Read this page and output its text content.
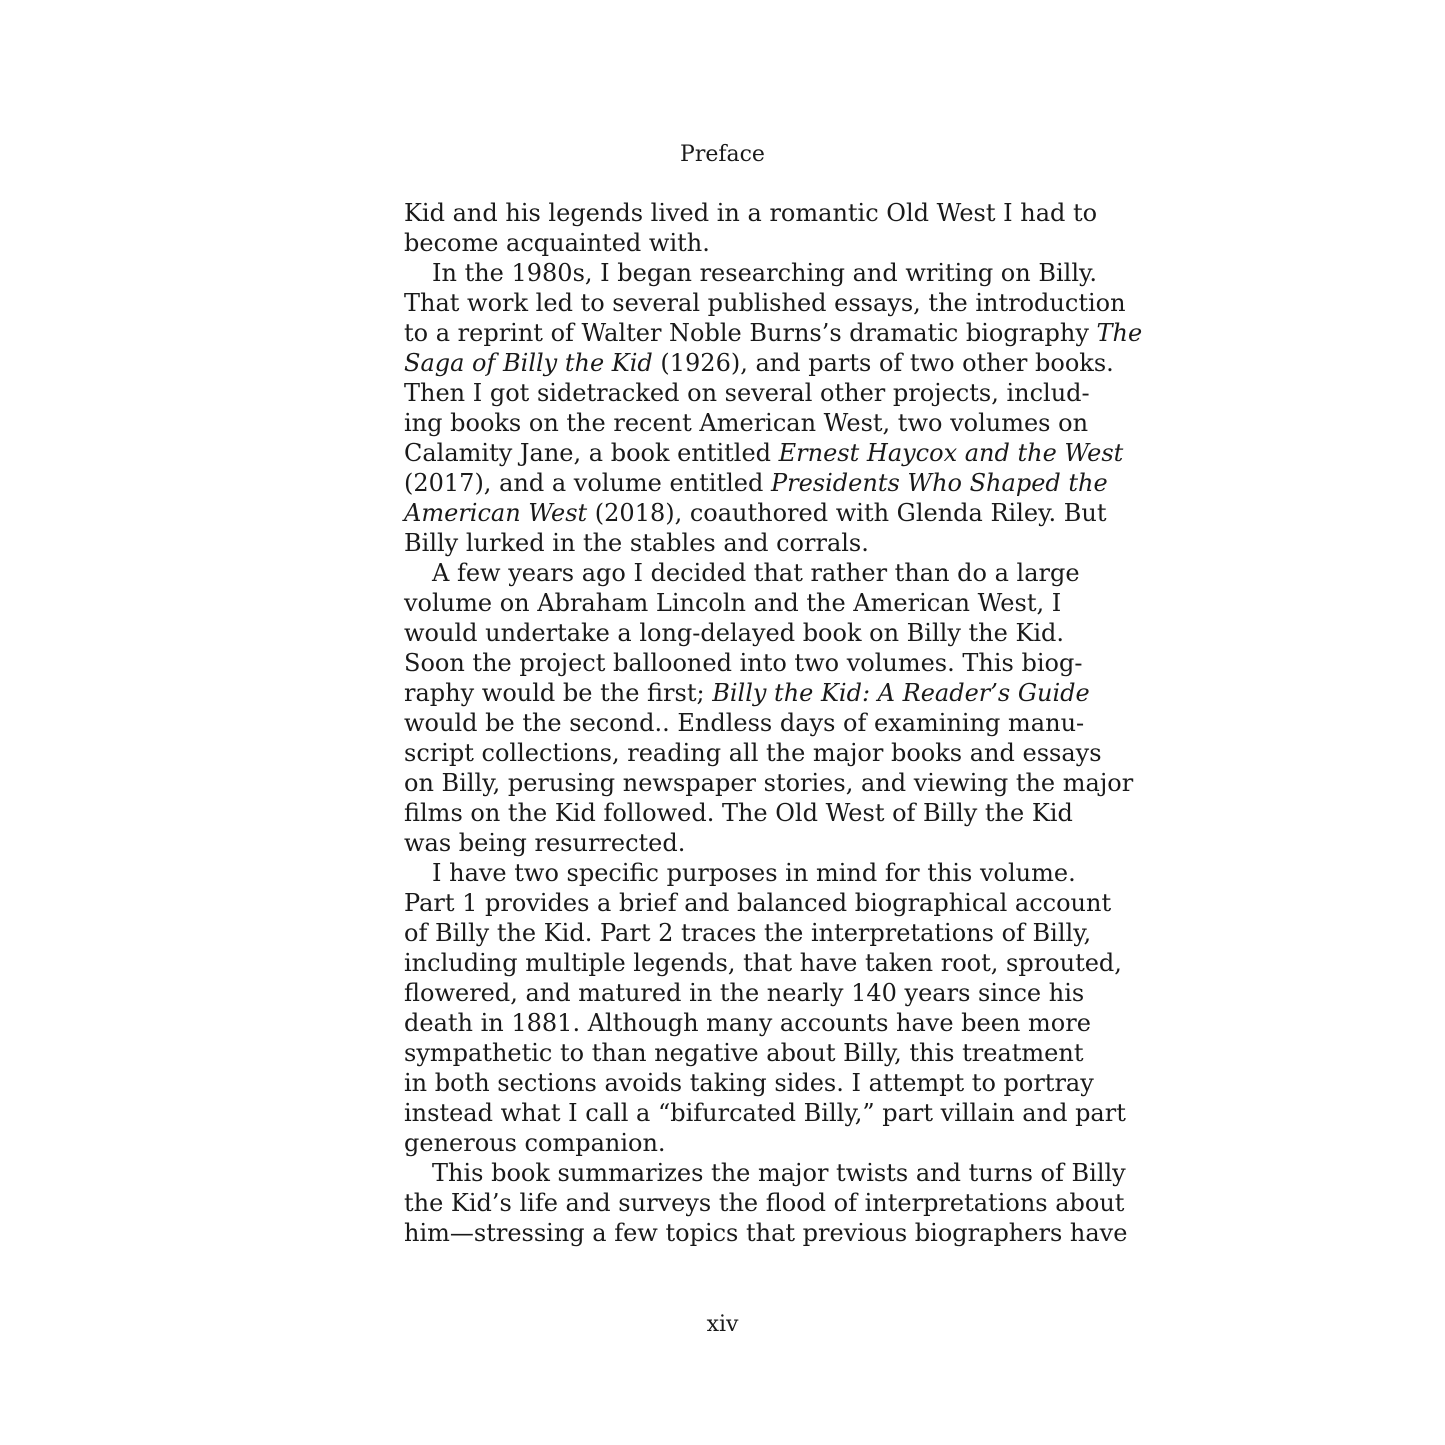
Preface

Kid and his legends lived in a romantic Old West I had to
become acquainted with.

In the 1980s, I began researching and writing on Billy.
That work led to several published essays, the introduction
to a reprint of Walter Noble Burns’s dramatic biography The
Saga of Billy the Kid (1926), and parts of two other books.
Then I got sidetracked on several other projects, includ-
ing books on the recent American West, two volumes on
Calamity Jane, a book entitled Ernest Haycox and the West
(2017), and a volume entitled Presidents Who Shaped the
American West (2018), coauthored with Glenda Riley. But
Billy lurked in the stables and corrals.

A few years ago I decided that rather than do a large
volume on Abraham Lincoln and the American West, I
would undertake a long-delayed book on Billy the Kid.
Soon the project ballooned into two volumes. This biog-
raphy would be the first; Billy the Kid: A Reader’s Guide
would be the second.. Endless days of examining manu-
script collections, reading all the major books and essays
on Billy, perusing newspaper stories, and viewing the major
films on the Kid followed. The Old West of Billy the Kid
was being resurrected.

I have two specific purposes in mind for this volume.
Part 1 provides a brief and balanced biographical account
of Billy the Kid. Part 2 traces the interpretations of Billy,
including multiple legends, that have taken root, sprouted,
flowered, and matured in the nearly 140 years since his
death in 1881. Although many accounts have been more
sympathetic to than negative about Billy, this treatment
in both sections avoids taking sides. I attempt to portray
instead what I call a “bifurcated Billy,” part villain and part
generous companion.

This book summarizes the major twists and turns of Billy
the Kid’s life and surveys the flood of interpretations about
him—stressing a few topics that previous biographers have

xiv
